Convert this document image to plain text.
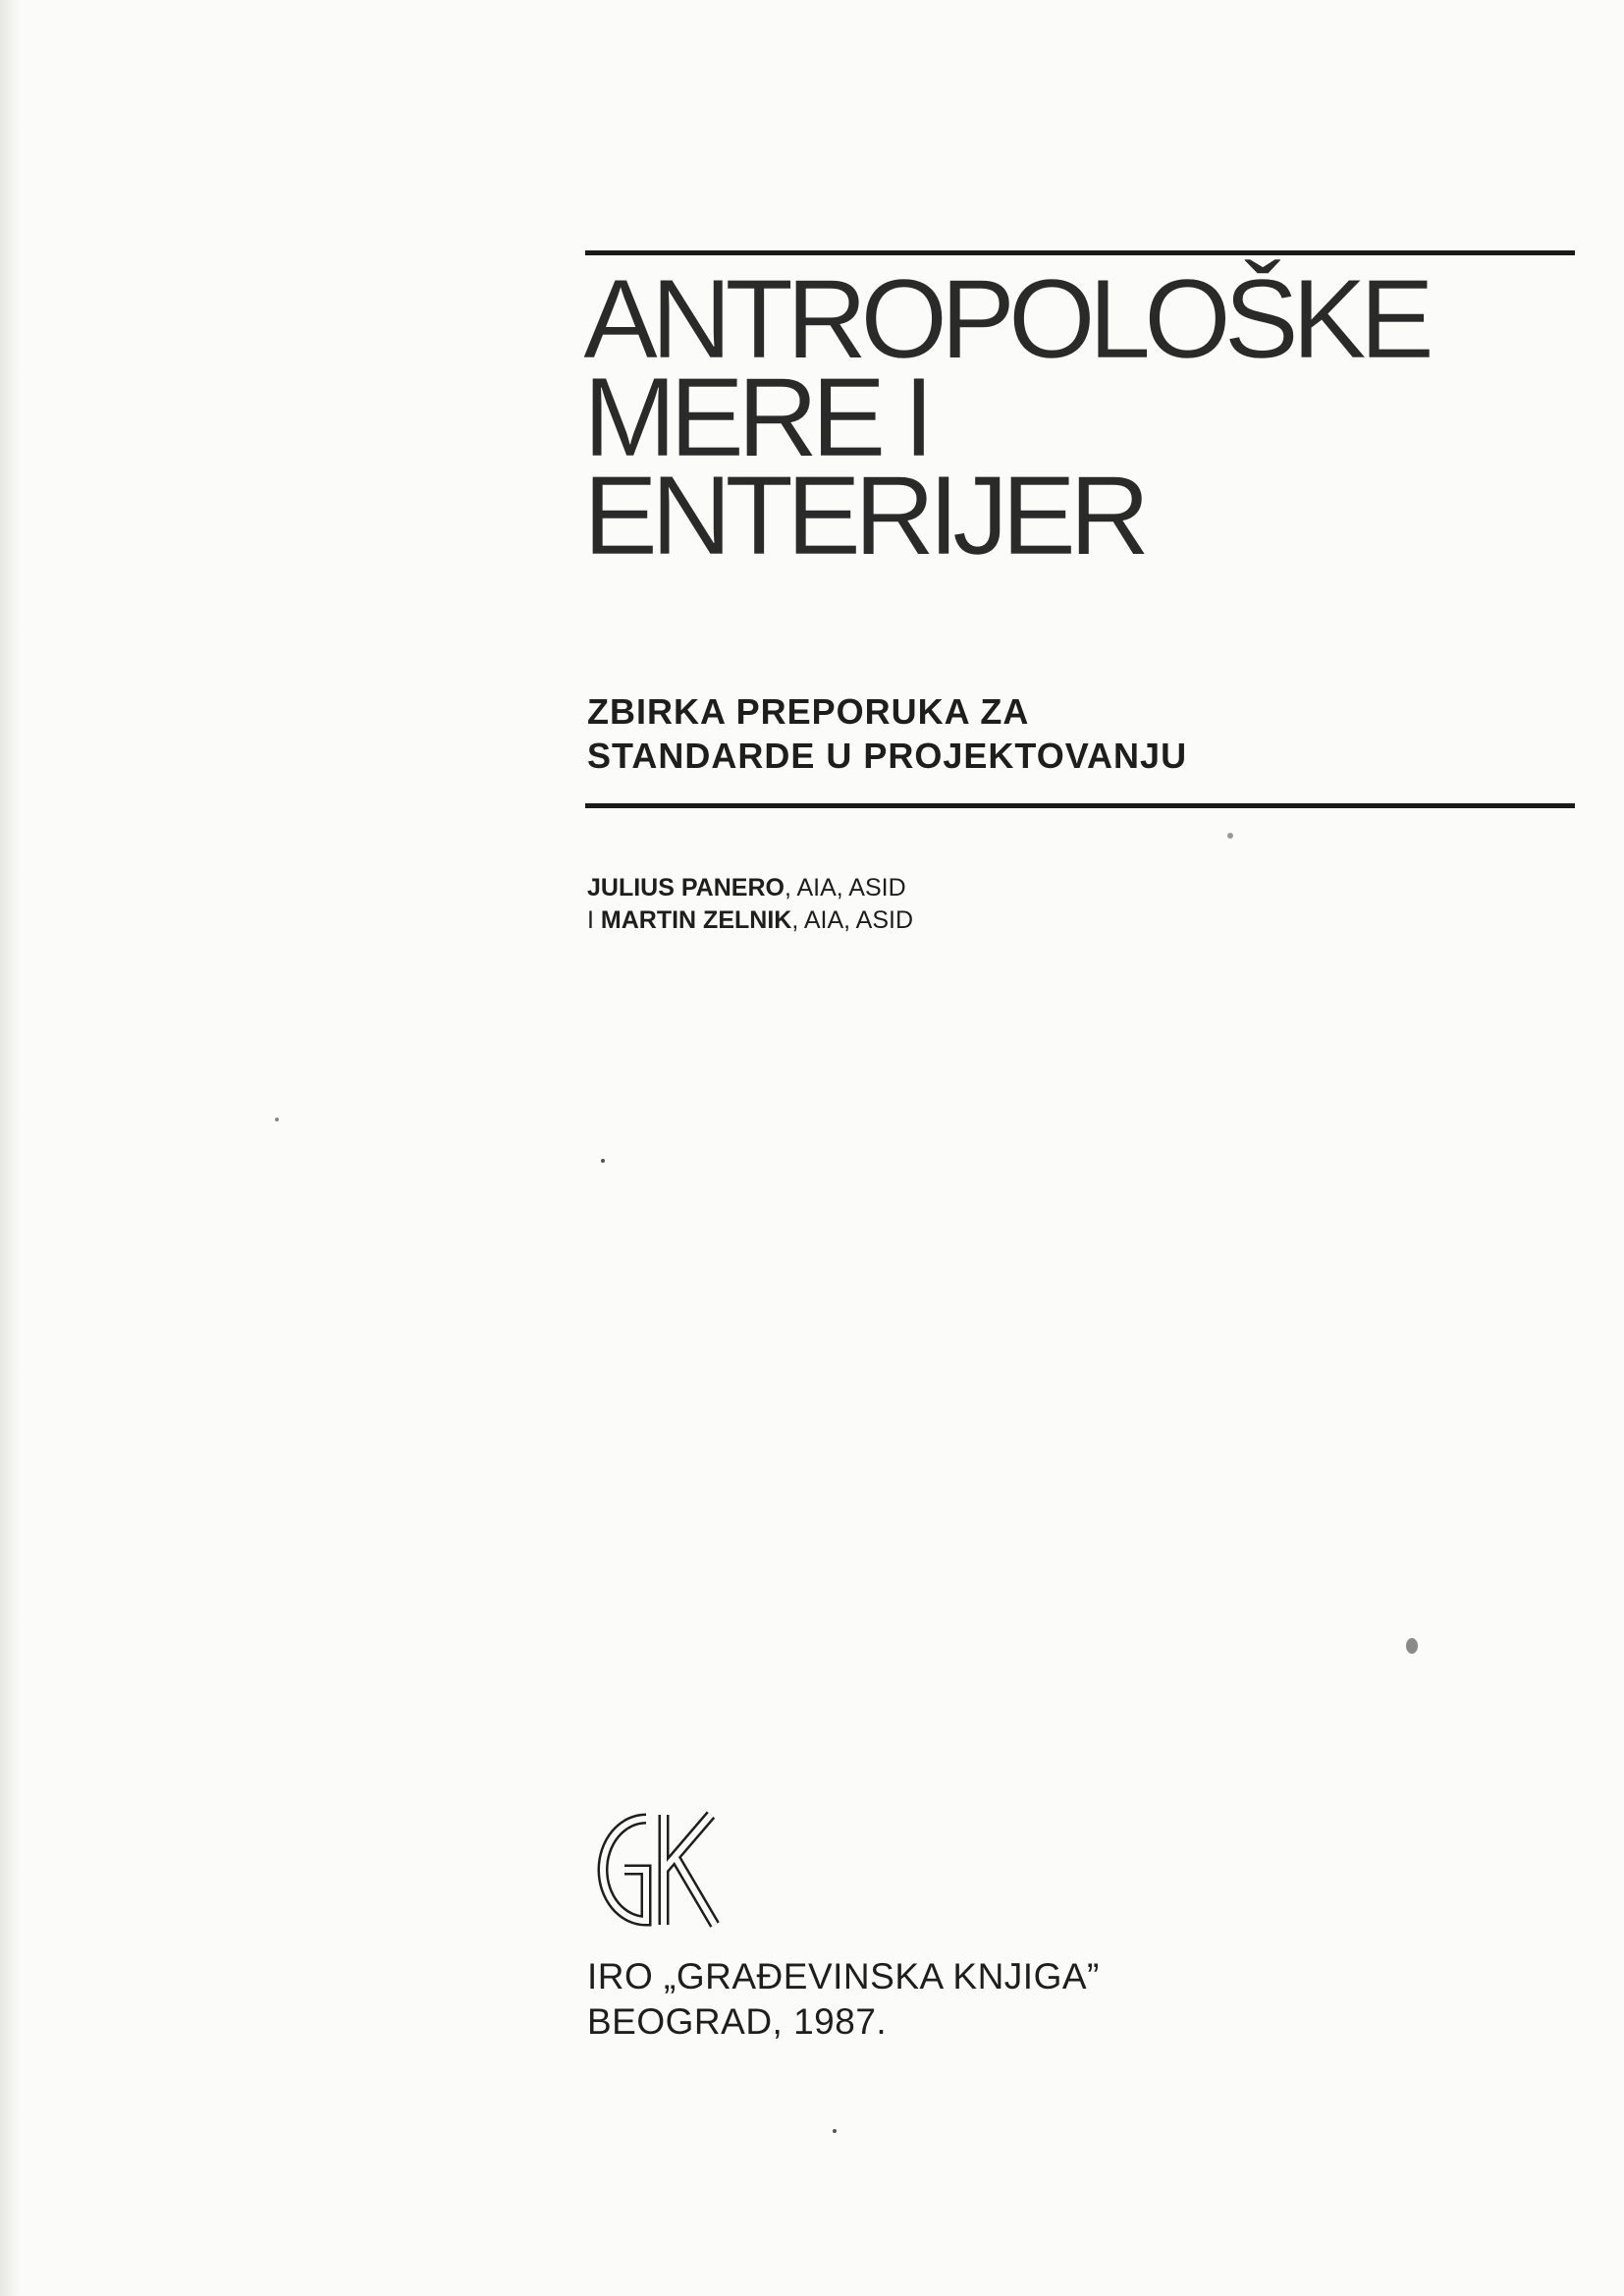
ANTROPOLOŠKE
MERE I
ENTERIJER
ZBIRKA PREPORUKA ZA
STANDARDE U PROJEKTOVANJU
JULIUS PANERO, AIA, ASID
I MARTIN ZELNIK, AIA, ASID
IRO „GRAĐEVINSKA KNJIGA”
BEOGRAD, 1987.
